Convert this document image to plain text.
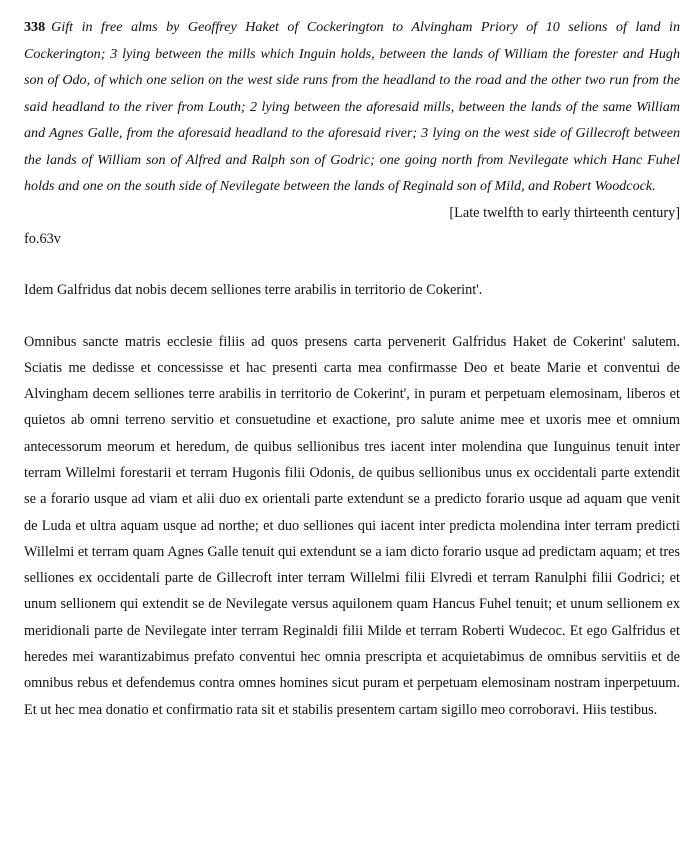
338 Gift in free alms by Geoffrey Haket of Cockerington to Alvingham Priory of 10 selions of land in Cockerington; 3 lying between the mills which Inguin holds, between the lands of William the forester and Hugh son of Odo, of which one selion on the west side runs from the headland to the road and the other two run from the said headland to the river from Louth; 2 lying between the aforesaid mills, between the lands of the same William and Agnes Galle, from the aforesaid headland to the aforesaid river; 3 lying on the west side of Gillecroft between the lands of William son of Alfred and Ralph son of Godric; one going north from Nevilegate which Hanc Fuhel holds and one on the south side of Nevilegate between the lands of Reginald son of Mild, and Robert Woodcock.

[Late twelfth to early thirteenth century]

fo.63v

Idem Galfridus dat nobis decem selliones terre arabilis in territorio de Cokerint'.

Omnibus sancte matris ecclesie filiis ad quos presens carta pervenerit Galfridus Haket de Cokerint' salutem. Sciatis me dedisse et concessisse et hac presenti carta mea confirmasse Deo et beate Marie et conventui de Alvingham decem selliones terre arabilis in territorio de Cokerint', in puram et perpetuam elemosinam, liberos et quietos ab omni terreno servitio et consuetudine et exactione, pro salute anime mee et uxoris mee et omnium antecessorum meorum et heredum, de quibus sellionibus tres iacent inter molendina que Iunguinus tenuit inter terram Willelmi forestarii et terram Hugonis filii Odonis, de quibus sellionibus unus ex occidentali parte extendit se a forario usque ad viam et alii duo ex orientali parte extendunt se a predicto forario usque ad aquam que venit de Luda et ultra aquam usque ad northe; et duo selliones qui iacent inter predicta molendina inter terram predicti Willelmi et terram quam Agnes Galle tenuit qui extendunt se a iam dicto forario usque ad predictam aquam; et tres selliones ex occidentali parte de Gillecroft inter terram Willelmi filii Elvredi et terram Ranulphi filii Godrici; et unum sellionem qui extendit se de Nevilegate versus aquilonem quam Hancus Fuhel tenuit; et unum sellionem ex meridionali parte de Nevilegate inter terram Reginaldi filii Milde et terram Roberti Wudecoc. Et ego Galfridus et heredes mei warantizabimus prefato conventui hec omnia prescripta et acquietabimus de omnibus servitiis et de omnibus rebus et defendemus contra omnes homines sicut puram et perpetuam elemosinam nostram inperpetuum. Et ut hec mea donatio et confirmatio rata sit et stabilis presentem cartam sigillo meo corroboravi. Hiis testibus.
